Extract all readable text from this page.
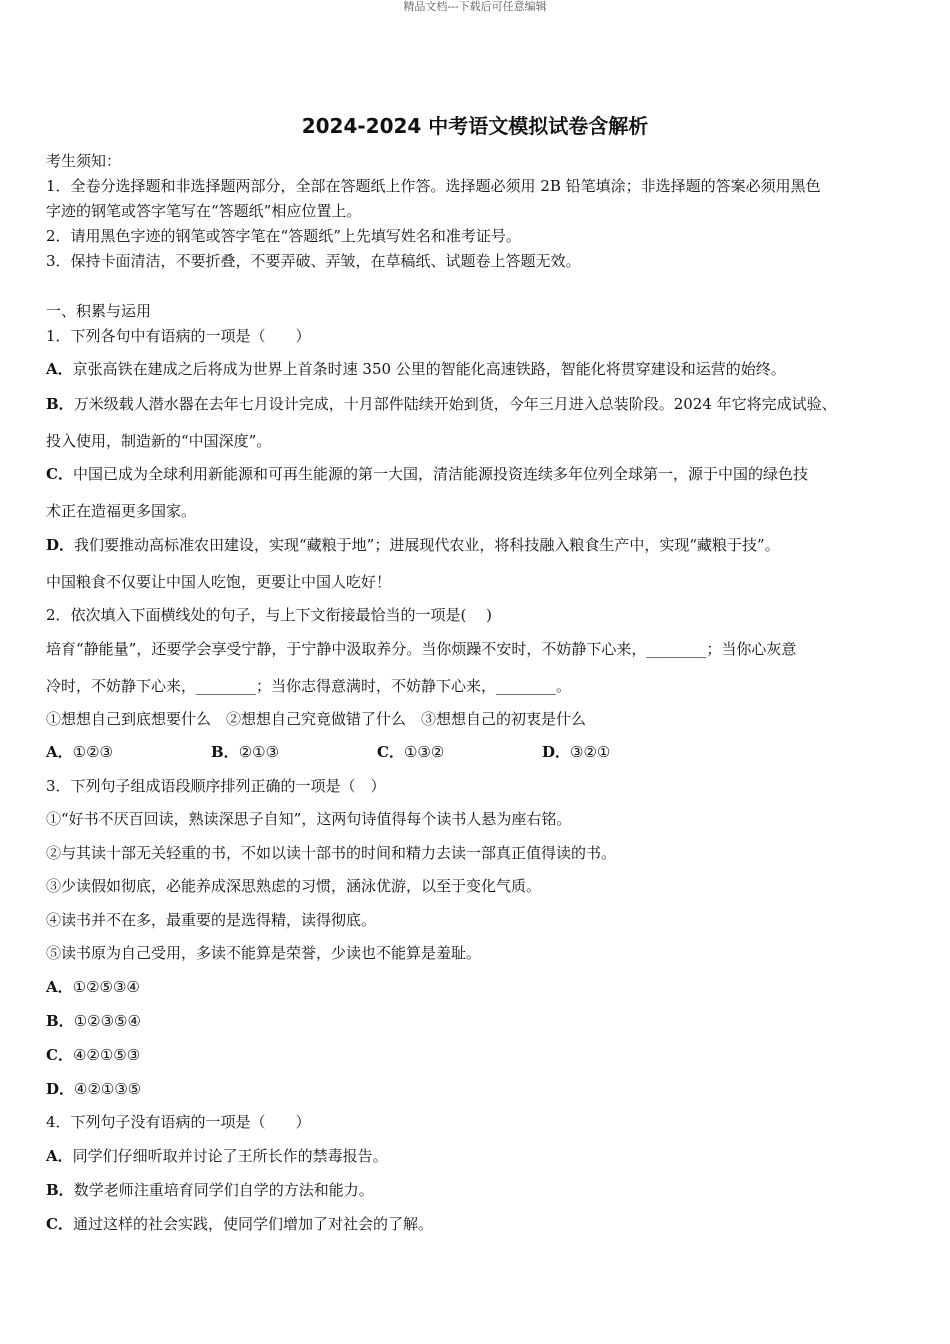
精品文档---下载后可任意编辑
2024-2024 中考语文模拟试卷含解析
考生须知：
1．全卷分选择题和非选择题两部分，全部在答题纸上作答。选择题必须用 2B 铅笔填涂；非选择题的答案必须用黑色
字迹的钢笔或答字笔写在“答题纸”相应位置上。
2．请用黑色字迹的钢笔或答字笔在“答题纸”上先填写姓名和准考证号。
3．保持卡面清洁，不要折叠，不要弄破、弄皱，在草稿纸、试题卷上答题无效。
一、积累与运用
1．下列各句中有语病的一项是（　　）
A．京张高铁在建成之后将成为世界上首条时速 350 公里的智能化高速铁路，智能化将贯穿建设和运营的始终。
B．万米级载人潜水器在去年七月设计完成，十月部件陆续开始到货，今年三月进入总装阶段。2024 年它将完成试验、
投入使用，制造新的“中国深度”。
C．中国已成为全球利用新能源和可再生能源的第一大国，清洁能源投资连续多年位列全球第一，源于中国的绿色技
术正在造福更多国家。
D．我们要推动高标准农田建设，实现“藏粮于地”；进展现代农业，将科技融入粮食生产中，实现“藏粮于技”。
中国粮食不仅要让中国人吃饱，更要让中国人吃好！
2．依次填入下面横线处的句子，与上下文衔接最恰当的一项是(　 )
培育“静能量”，还要学会享受宁静，于宁静中汲取养分。当你烦躁不安时，不妨静下心来，________；当你心灰意
冷时，不妨静下心来，________；当你志得意满时，不妨静下心来，________。
①想想自己到底想要什么　②想想自己究竟做错了什么　③想想自己的初衷是什么
A．①②③	B．②①③	C．①③②	D．③②①
3．下列句子组成语段顺序排列正确的一项是（　）
①“好书不厌百回读，熟读深思子自知”，这两句诗值得每个读书人悬为座右铭。
②与其读十部无关轻重的书，不如以读十部书的时间和精力去读一部真正值得读的书。
③少读假如彻底，必能养成深思熟虑的习惯，涵泳优游，以至于变化气质。
④读书并不在多，最重要的是选得精，读得彻底。
⑤读书原为自己受用，多读不能算是荣誉，少读也不能算是羞耻。
A．①②⑤③④
B．①②③⑤④
C．④②①⑤③
D．④②①③⑤
4．下列句子没有语病的一项是（　　）
A．同学们仔细听取并讨论了王所长作的禁毒报告。
B．数学老师注重培育同学们自学的方法和能力。
C．通过这样的社会实践，使同学们增加了对社会的了解。
